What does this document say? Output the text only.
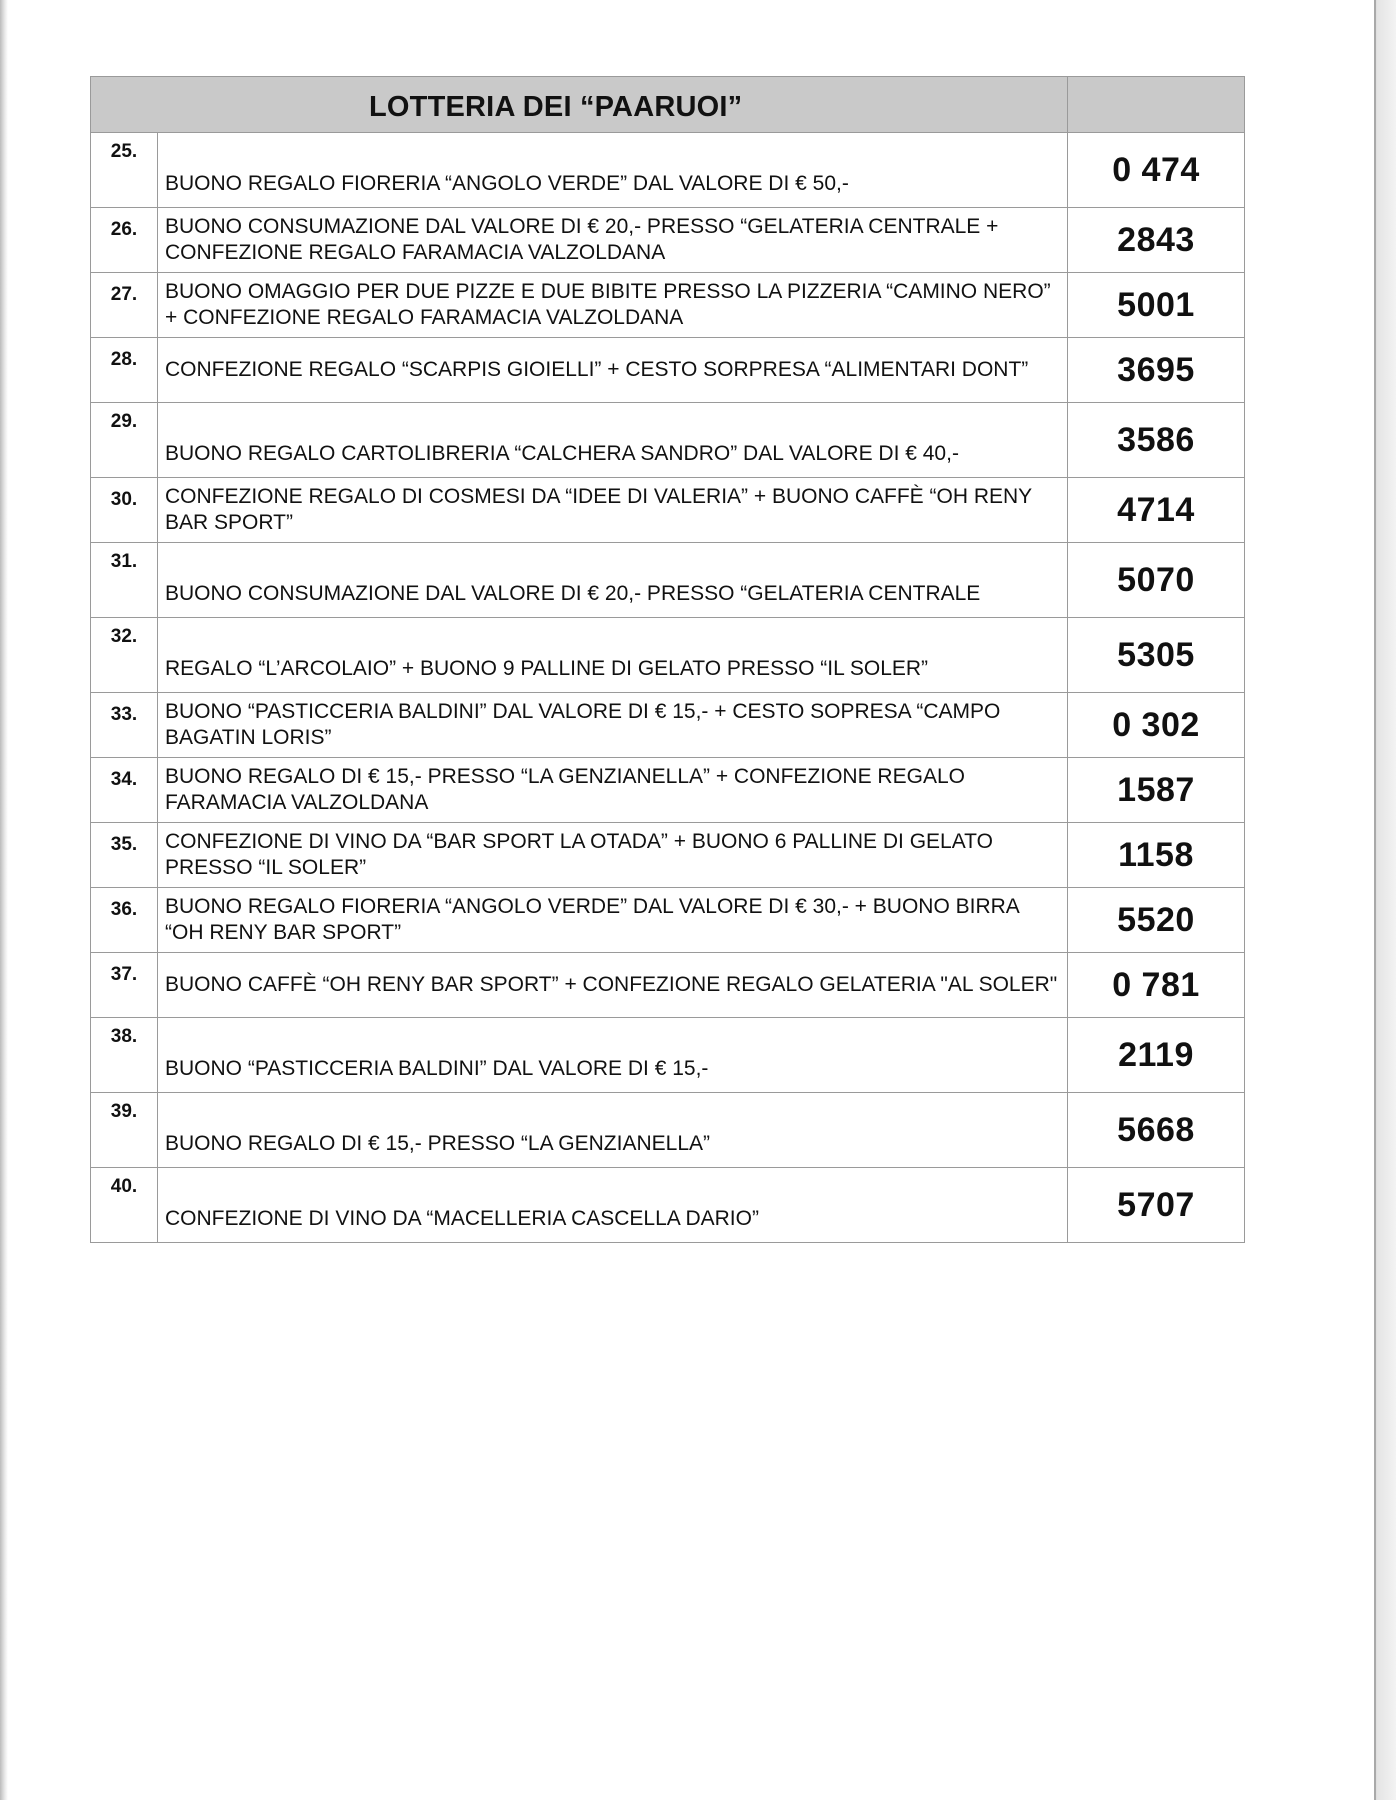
LOTTERIA DEI “PAARUOI”		

25.	BUONO REGALO FIORERIA “ANGOLO VERDE” DAL VALORE DI € 50,-	0 474

26.	BUONO CONSUMAZIONE DAL VALORE DI € 20,- PRESSO “GELATERIA CENTRALE + CONFEZIONE REGALO FARAMACIA VALZOLDANA	2843

27.	BUONO OMAGGIO PER DUE PIZZE E DUE BIBITE PRESSO LA PIZZERIA “CAMINO NERO” + CONFEZIONE REGALO FARAMACIA VALZOLDANA	5001

28.	CONFEZIONE REGALO “SCARPIS GIOIELLI” + CESTO SORPRESA “ALIMENTARI DONT”	3695

29.	BUONO REGALO CARTOLIBRERIA “CALCHERA SANDRO” DAL VALORE DI € 40,-	3586

30.	CONFEZIONE REGALO DI COSMESI DA “IDEE DI VALERIA” + BUONO CAFFÈ “OH RENY BAR SPORT”	4714

31.	BUONO CONSUMAZIONE DAL VALORE DI € 20,- PRESSO “GELATERIA CENTRALE	5070

32.	REGALO “L’ARCOLAIO” + BUONO 9 PALLINE DI GELATO PRESSO “IL SOLER”	5305

33.	BUONO “PASTICCERIA BALDINI” DAL VALORE DI € 15,- + CESTO SOPRESA “CAMPO BAGATIN LORIS”	0 302

34.	BUONO REGALO DI € 15,- PRESSO “LA GENZIANELLA” + CONFEZIONE REGALO FARAMACIA VALZOLDANA	1587

35.	CONFEZIONE DI VINO DA “BAR SPORT LA OTADA” + BUONO 6 PALLINE DI GELATO PRESSO “IL SOLER”	1158

36.	BUONO REGALO FIORERIA “ANGOLO VERDE” DAL VALORE DI € 30,- + BUONO BIRRA “OH RENY BAR SPORT”	5520

37.	BUONO CAFFÈ “OH RENY BAR SPORT” + CONFEZIONE REGALO GELATERIA "AL SOLER"	0 781

38.	BUONO “PASTICCERIA BALDINI” DAL VALORE DI € 15,-	2119

39.	BUONO REGALO DI € 15,- PRESSO “LA GENZIANELLA”	5668

40.	CONFEZIONE DI VINO DA “MACELLERIA CASCELLA DARIO”	5707
